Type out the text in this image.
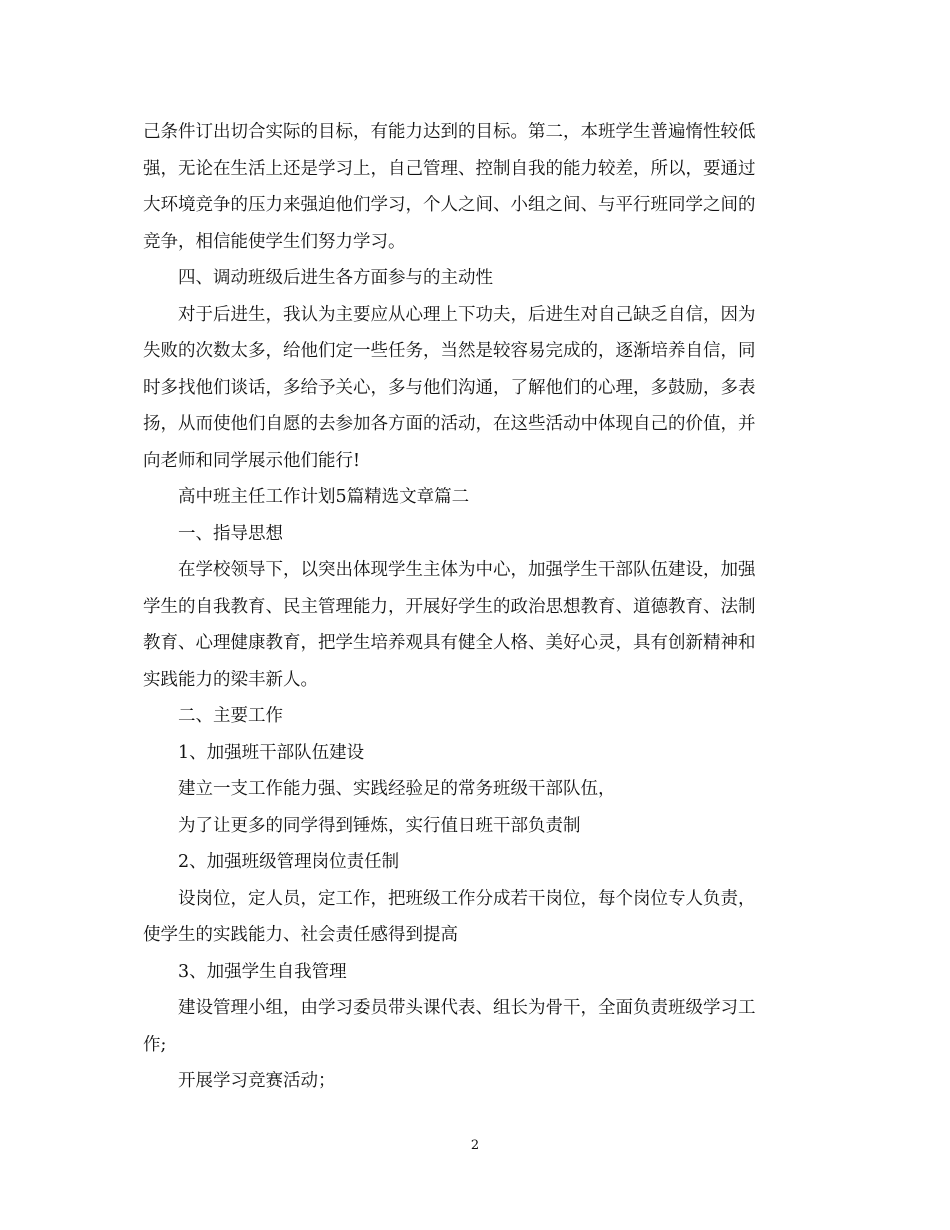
己条件订出切合实际的目标，有能力达到的目标。第二，本班学生普遍惰性较低

强，无论在生活上还是学习上，自己管理、控制自我的能力较差，所以，要通过

大环境竞争的压力来强迫他们学习，个人之间、小组之间、与平行班同学之间的

竞争，相信能使学生们努力学习。

四、调动班级后进生各方面参与的主动性

对于后进生，我认为主要应从心理上下功夫，后进生对自己缺乏自信，因为

失败的次数太多，给他们定一些任务，当然是较容易完成的，逐渐培养自信，同

时多找他们谈话，多给予关心，多与他们沟通，了解他们的心理，多鼓励，多表

扬，从而使他们自愿的去参加各方面的活动，在这些活动中体现自己的价值，并

向老师和同学展示他们能行!

高中班主任工作计划5篇精选文章篇二

一、指导思想

在学校领导下，以突出体现学生主体为中心，加强学生干部队伍建设，加强

学生的自我教育、民主管理能力，开展好学生的政治思想教育、道德教育、法制

教育、心理健康教育，把学生培养观具有健全人格、美好心灵，具有创新精神和

实践能力的梁丰新人。

二、主要工作

1、加强班干部队伍建设

建立一支工作能力强、实践经验足的常务班级干部队伍，

为了让更多的同学得到锤炼，实行值日班干部负责制

2、加强班级管理岗位责任制

设岗位，定人员，定工作，把班级工作分成若干岗位，每个岗位专人负责，

使学生的实践能力、社会责任感得到提高

3、加强学生自我管理

建设管理小组，由学习委员带头课代表、组长为骨干，全面负责班级学习工

作;

开展学习竞赛活动；

2
